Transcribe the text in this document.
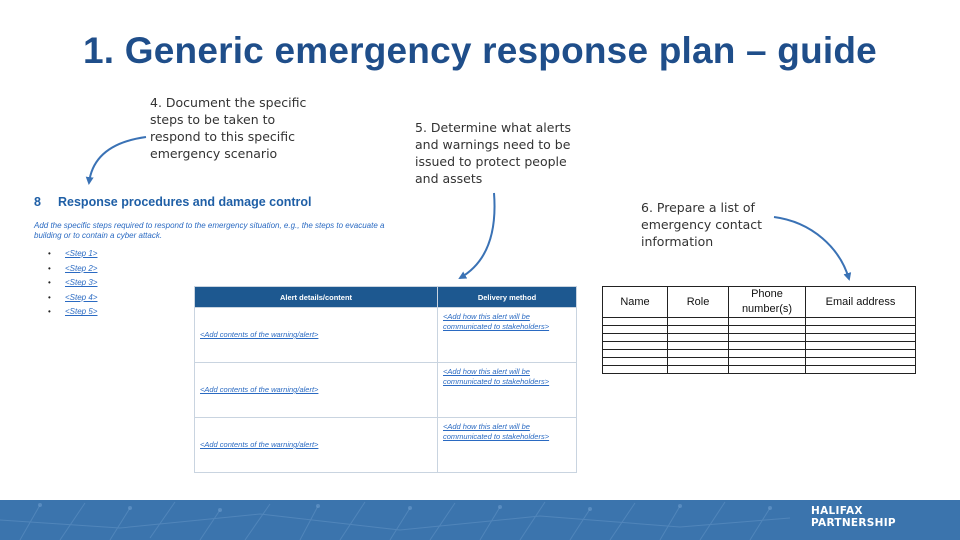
1. Generic emergency response plan – guide
4. Document the specific steps to be taken to respond to this specific emergency scenario
5. Determine what alerts and warnings need to be issued to protect people and assets
6. Prepare a list of emergency contact information
8 Response procedures and damage control
Add the specific steps required to respond to the emergency situation, e.g., the steps to evacuate a building or to contain a cyber attack.
• <Step 1>
• <Step 2>
• <Step 3>
• <Step 4>
• <Step 5>
Alert details/content	Delivery method
<Add contents of the warning/alert>	<Add how this alert will be communicated to stakeholders>
<Add contents of the warning/alert>	<Add how this alert will be communicated to stakeholders>
<Add contents of the warning/alert>	<Add how this alert will be communicated to stakeholders>
Name	Role	Phone number(s)	Email address

HALIFAX
PARTNERSHIP
